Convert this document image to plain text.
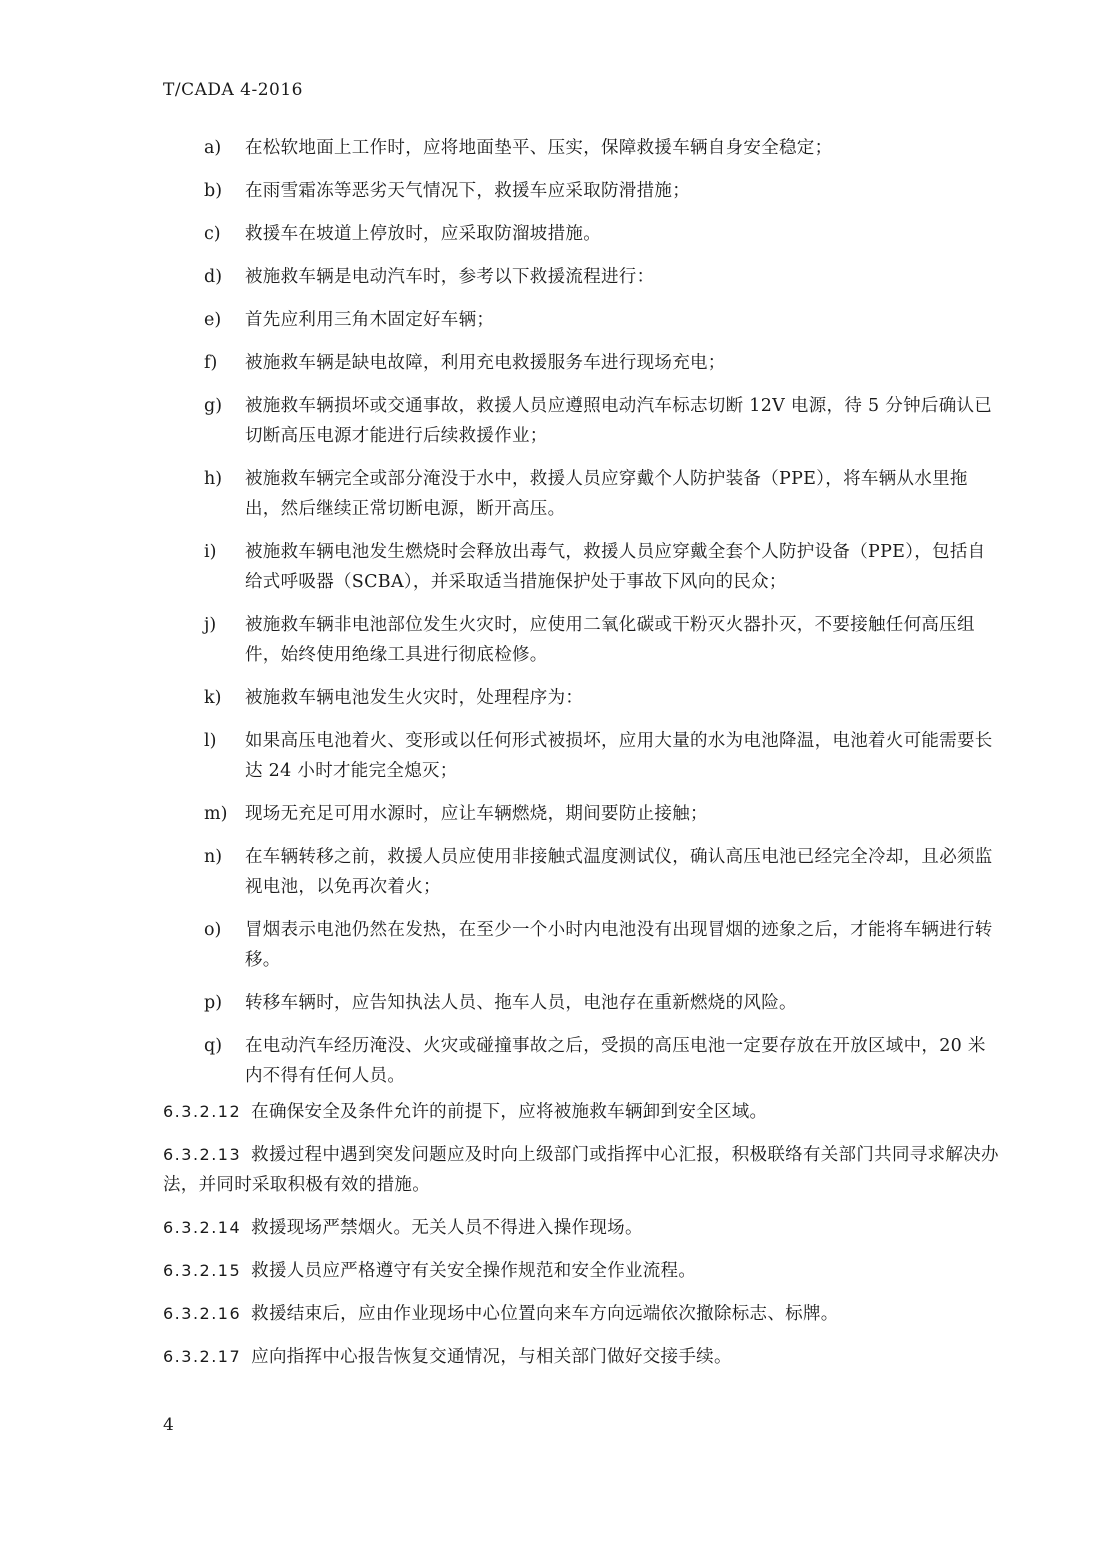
T/CADA 4-2016
a)	在松软地面上工作时，应将地面垫平、压实，保障救援车辆自身安全稳定；
b)	在雨雪霜冻等恶劣天气情况下，救援车应采取防滑措施；
c)	救援车在坡道上停放时，应采取防溜坡措施。
d)	被施救车辆是电动汽车时，参考以下救援流程进行：
e)	首先应利用三角木固定好车辆；
f)	被施救车辆是缺电故障，利用充电救援服务车进行现场充电；
g)	被施救车辆损坏或交通事故，救援人员应遵照电动汽车标志切断 12V 电源，待 5 分钟后确认已切断高压电源才能进行后续救援作业；
h)	被施救车辆完全或部分淹没于水中，救援人员应穿戴个人防护装备（PPE），将车辆从水里拖出，然后继续正常切断电源，断开高压。
i)	被施救车辆电池发生燃烧时会释放出毒气，救援人员应穿戴全套个人防护设备（PPE），包括自给式呼吸器（SCBA），并采取适当措施保护处于事故下风向的民众；
j)	被施救车辆非电池部位发生火灾时，应使用二氧化碳或干粉灭火器扑灭，不要接触任何高压组件，始终使用绝缘工具进行彻底检修。
k)	被施救车辆电池发生火灾时，处理程序为：
l)	如果高压电池着火、变形或以任何形式被损坏，应用大量的水为电池降温，电池着火可能需要长达 24 小时才能完全熄灭；
m)	现场无充足可用水源时，应让车辆燃烧，期间要防止接触；
n)	在车辆转移之前，救援人员应使用非接触式温度测试仪，确认高压电池已经完全冷却，且必须监视电池，以免再次着火；
o)	冒烟表示电池仍然在发热，在至少一个小时内电池没有出现冒烟的迹象之后，才能将车辆进行转移。
p)	转移车辆时，应告知执法人员、拖车人员，电池存在重新燃烧的风险。
q)	在电动汽车经历淹没、火灾或碰撞事故之后，受损的高压电池一定要存放在开放区域中，20 米内不得有任何人员。
6.3.2.12 在确保安全及条件允许的前提下，应将被施救车辆卸到安全区域。
6.3.2.13 救援过程中遇到突发问题应及时向上级部门或指挥中心汇报，积极联络有关部门共同寻求解决办法，并同时采取积极有效的措施。
6.3.2.14 救援现场严禁烟火。无关人员不得进入操作现场。
6.3.2.15 救援人员应严格遵守有关安全操作规范和安全作业流程。
6.3.2.16 救援结束后，应由作业现场中心位置向来车方向远端依次撤除标志、标牌。
6.3.2.17 应向指挥中心报告恢复交通情况，与相关部门做好交接手续。
4
